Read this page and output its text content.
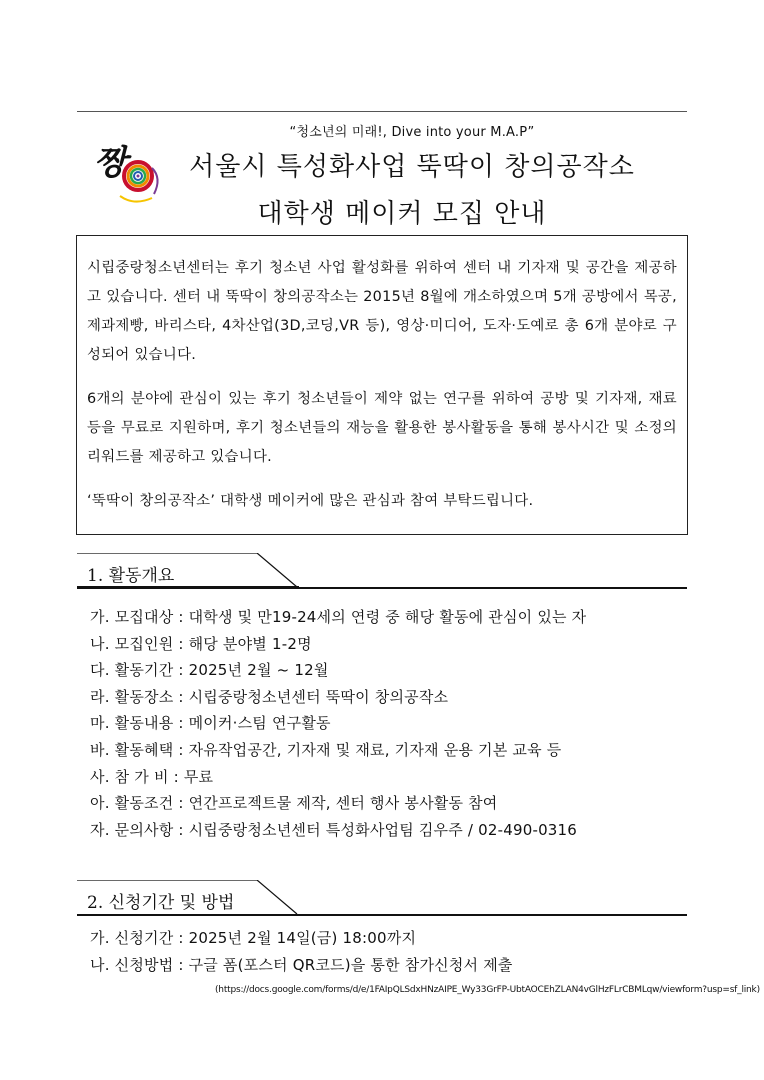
짱
“청소년의 미래!, Dive into your M.A.P”
서울시 특성화사업 뚝딱이 창의공작소
대학생 메이커 모집 안내

시립중랑청소년센터는 후기 청소년 사업 활성화를 위하여 센터 내 기자재 및 공간을 제공하고 있습니다. 센터 내 뚝딱이 창의공작소는 2015년 8월에 개소하였으며 5개 공방에서 목공, 제과제빵, 바리스타, 4차산업(3D,코딩,VR 등), 영상·미디어, 도자·도예로 총 6개 분야로 구성되어 있습니다.

6개의 분야에 관심이 있는 후기 청소년들이 제약 없는 연구를 위하여 공방 및 기자재, 재료 등을 무료로 지원하며, 후기 청소년들의 재능을 활용한 봉사활동을 통해 봉사시간 및 소정의 리워드를 제공하고 있습니다.

‘뚝딱이 창의공작소’ 대학생 메이커에 많은 관심과 참여 부탁드립니다.

1. 활동개요
가. 모집대상 : 대학생 및 만19-24세의 연령 중 해당 활동에 관심이 있는 자
나. 모집인원 : 해당 분야별 1-2명
다. 활동기간 : 2025년 2월 ~ 12월
라. 활동장소 : 시립중랑청소년센터 뚝딱이 창의공작소
마. 활동내용 : 메이커·스팀 연구활동
바. 활동혜택 : 자유작업공간, 기자재 및 재료, 기자재 운용 기본 교육 등
사. 참 가 비 : 무료
아. 활동조건 : 연간프로젝트물 제작, 센터 행사 봉사활동 참여
자. 문의사항 : 시립중랑청소년센터 특성화사업팀 김우주 / 02-490-0316
2. 신청기간 및 방법
가. 신청기간 : 2025년 2월 14일(금) 18:00까지
나. 신청방법 : 구글 폼(포스터 QR코드)을 통한 참가신청서 제출
(https://docs.google.com/forms/d/e/1FAIpQLSdxHNzAIPE_Wy33GrFP-UbtAOCEhZLAN4vGlHzFLrCBMLqw/viewform?usp=sf_link)
